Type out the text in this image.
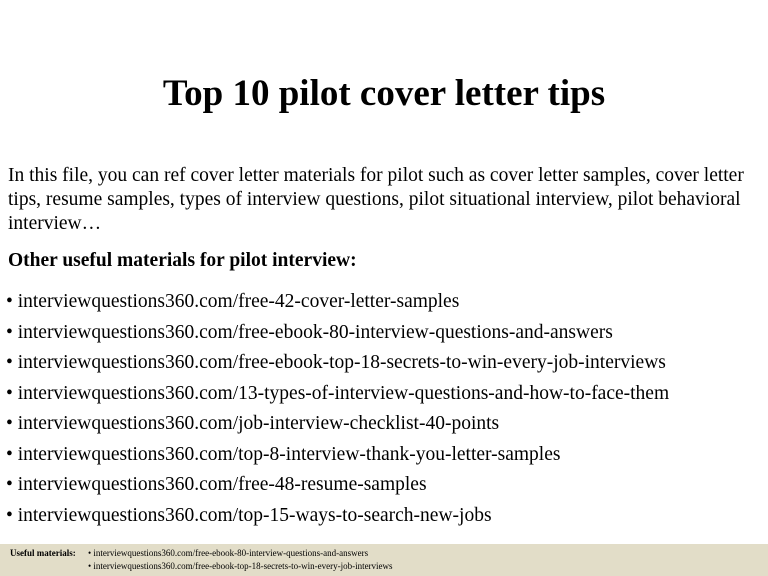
Top 10 pilot cover letter tips

In this file, you can ref cover letter materials for pilot such as cover letter samples, cover letter tips, resume samples, types of interview questions, pilot situational interview, pilot behavioral interview…

Other useful materials for pilot interview:
• interviewquestions360.com/free-42-cover-letter-samples
• interviewquestions360.com/free-ebook-80-interview-questions-and-answers
• interviewquestions360.com/free-ebook-top-18-secrets-to-win-every-job-interviews
• interviewquestions360.com/13-types-of-interview-questions-and-how-to-face-them
• interviewquestions360.com/job-interview-checklist-40-points
• interviewquestions360.com/top-8-interview-thank-you-letter-samples
• interviewquestions360.com/free-48-resume-samples
• interviewquestions360.com/top-15-ways-to-search-new-jobs
Useful materials: • interviewquestions360.com/free-ebook-80-interview-questions-and-answers
• interviewquestions360.com/free-ebook-top-18-secrets-to-win-every-job-interviews
